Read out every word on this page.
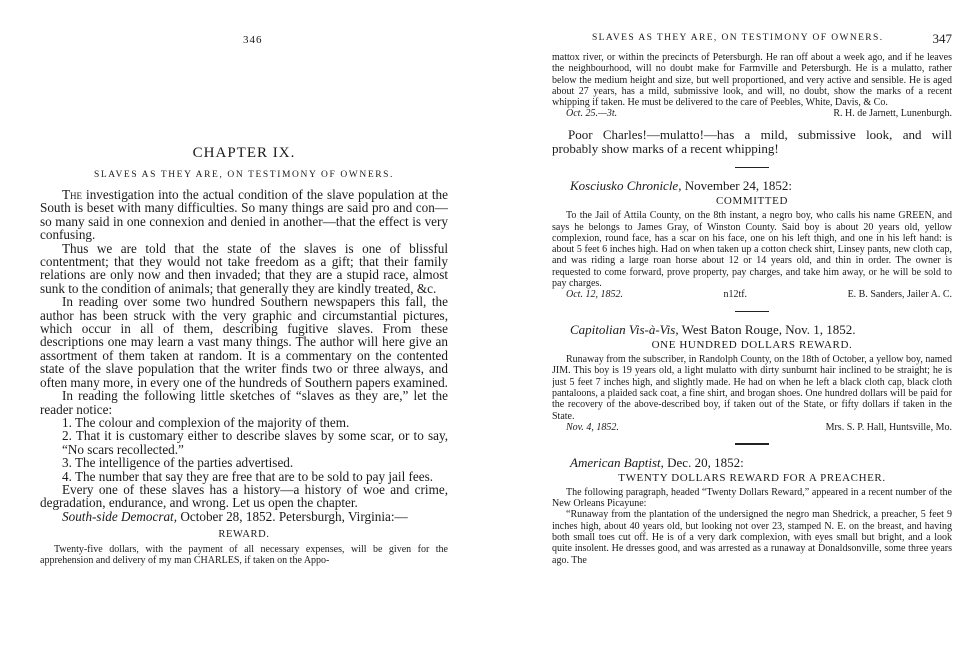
346
CHAPTER IX.
SLAVES AS THEY ARE, ON TESTIMONY OF OWNERS.

The investigation into the actual condition of the slave population at the South is beset with many difficulties. So many things are said pro and con—so many said in one connexion and denied in another—that the effect is very confusing.

Thus we are told that the state of the slaves is one of blissful contentment; that they would not take freedom as a gift; that their family relations are only now and then invaded; that they are a stupid race, almost sunk to the condition of animals; that generally they are kindly treated, &c.

In reading over some two hundred Southern newspapers this fall, the author has been struck with the very graphic and circumstantial pictures, which occur in all of them, describing fugitive slaves. From these descriptions one may learn a vast many things. The author will here give an assortment of them taken at random. It is a commentary on the contented state of the slave population that the writer finds two or three always, and often many more, in every one of the hundreds of Southern papers examined.

In reading the following little sketches of “slaves as they are,” let the reader notice:

1. The colour and complexion of the majority of them.

2. That it is customary either to describe slaves by some scar, or to say, “No scars recollected.”

3. The intelligence of the parties advertised.

4. The number that say they are free that are to be sold to pay jail fees.

Every one of these slaves has a history—a history of woe and crime, degradation, endurance, and wrong. Let us open the chapter.

South-side Democrat, October 28, 1852. Petersburgh, Virginia:—

REWARD.

Twenty-five dollars, with the payment of all necessary expenses, will be given for the apprehension and delivery of my man CHARLES, if taken on the Appo-

SLAVES AS THEY ARE, ON TESTIMONY OF OWNERS.	347

mattox river, or within the precincts of Petersburgh. He ran off about a week ago, and if he leaves the neighbourhood, will no doubt make for Farmville and Petersburgh. He is a mulatto, rather below the medium height and size, but well proportioned, and very active and sensible. He is aged about 27 years, has a mild, submissive look, and will, no doubt, show the marks of a recent whipping if taken. He must be delivered to the care of Peebles, White, Davis, & Co.

Oct. 25.—3t.	R. H. de Jarnett, Lunenburgh.

Poor Charles!—mulatto!—has a mild, submissive look, and will probably show marks of a recent whipping!

Kosciusko Chronicle, November 24, 1852:
COMMITTED

To the Jail of Attila County, on the 8th instant, a negro boy, who calls his name GREEN, and says he belongs to James Gray, of Winston County. Said boy is about 20 years old, yellow complexion, round face, has a scar on his face, one on his left thigh, and one in his left hand: is about 5 feet 6 inches high. Had on when taken up a cotton check shirt, Linsey pants, new cloth cap, and was riding a large roan horse about 12 or 14 years old, and thin in order. The owner is requested to come forward, prove property, pay charges, and take him away, or he will be sold to pay charges.

Oct. 12, 1852.	n12tf.	E. B. Sanders, Jailer A. C.
Capitolian Vis-à-Vis, West Baton Rouge, Nov. 1, 1852.
ONE HUNDRED DOLLARS REWARD.

Runaway from the subscriber, in Randolph County, on the 18th of October, a yellow boy, named JIM. This boy is 19 years old, a light mulatto with dirty sunburnt hair inclined to be straight; he is just 5 feet 7 inches high, and slightly made. He had on when he left a black cloth cap, black cloth pantaloons, a plaided sack coat, a fine shirt, and brogan shoes. One hundred dollars will be paid for the recovery of the above-described boy, if taken out of the State, or fifty dollars if taken in the State.

Nov. 4, 1852.	Mrs. S. P. Hall, Huntsville, Mo.
American Baptist, Dec. 20, 1852:
TWENTY DOLLARS REWARD FOR A PREACHER.

The following paragraph, headed “Twenty Dollars Reward,” appeared in a recent number of the New Orleans Picayune:

“Runaway from the plantation of the undersigned the negro man Shedrick, a preacher, 5 feet 9 inches high, about 40 years old, but looking not over 23, stamped N. E. on the breast, and having both small toes cut off. He is of a very dark complexion, with eyes small but bright, and a look quite insolent. He dresses good, and was arrested as a runaway at Donaldsonville, some three years ago. The
